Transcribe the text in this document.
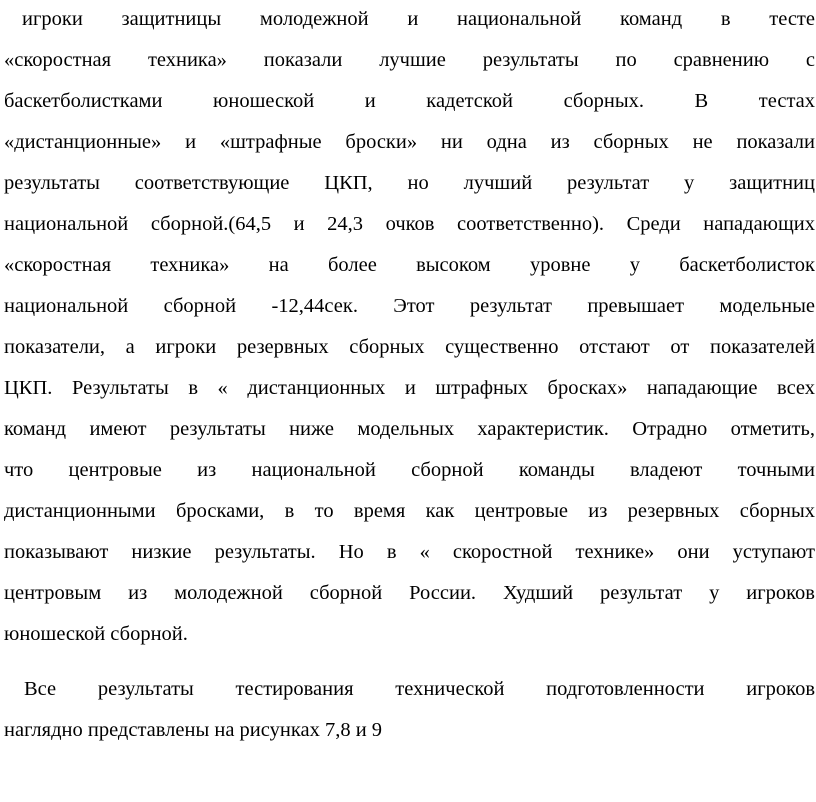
игроки защитницы молодежной и национальной команд в тесте
«скоростная техника» показали лучшие результаты по сравнению с
баскетболистками юношеской и кадетской сборных. В тестах
«дистанционные» и «штрафные броски» ни одна из сборных не показали
результаты соответствующие ЦКП, но лучший результат у защитниц
национальной сборной.(64,5 и 24,3 очков соответственно). Среди нападающих
«скоростная техника» на более высоком уровне у баскетболисток
национальной сборной -12,44сек. Этот результат превышает модельные
показатели, а игроки резервных сборных существенно отстают от показателей
ЦКП. Результаты в « дистанционных и штрафных бросках» нападающие всех
команд имеют результаты ниже модельных характеристик. Отрадно отметить,
что центровые из национальной сборной команды владеют точными
дистанционными бросками, в то время как центровые из резервных сборных
показывают низкие результаты. Но в « скоростной технике» они уступают
центровым из молодежной сборной России. Худший результат у игроков
юношеской сборной.
Все результаты тестирования технической подготовленности игроков
наглядно представлены на рисунках 7,8 и 9
